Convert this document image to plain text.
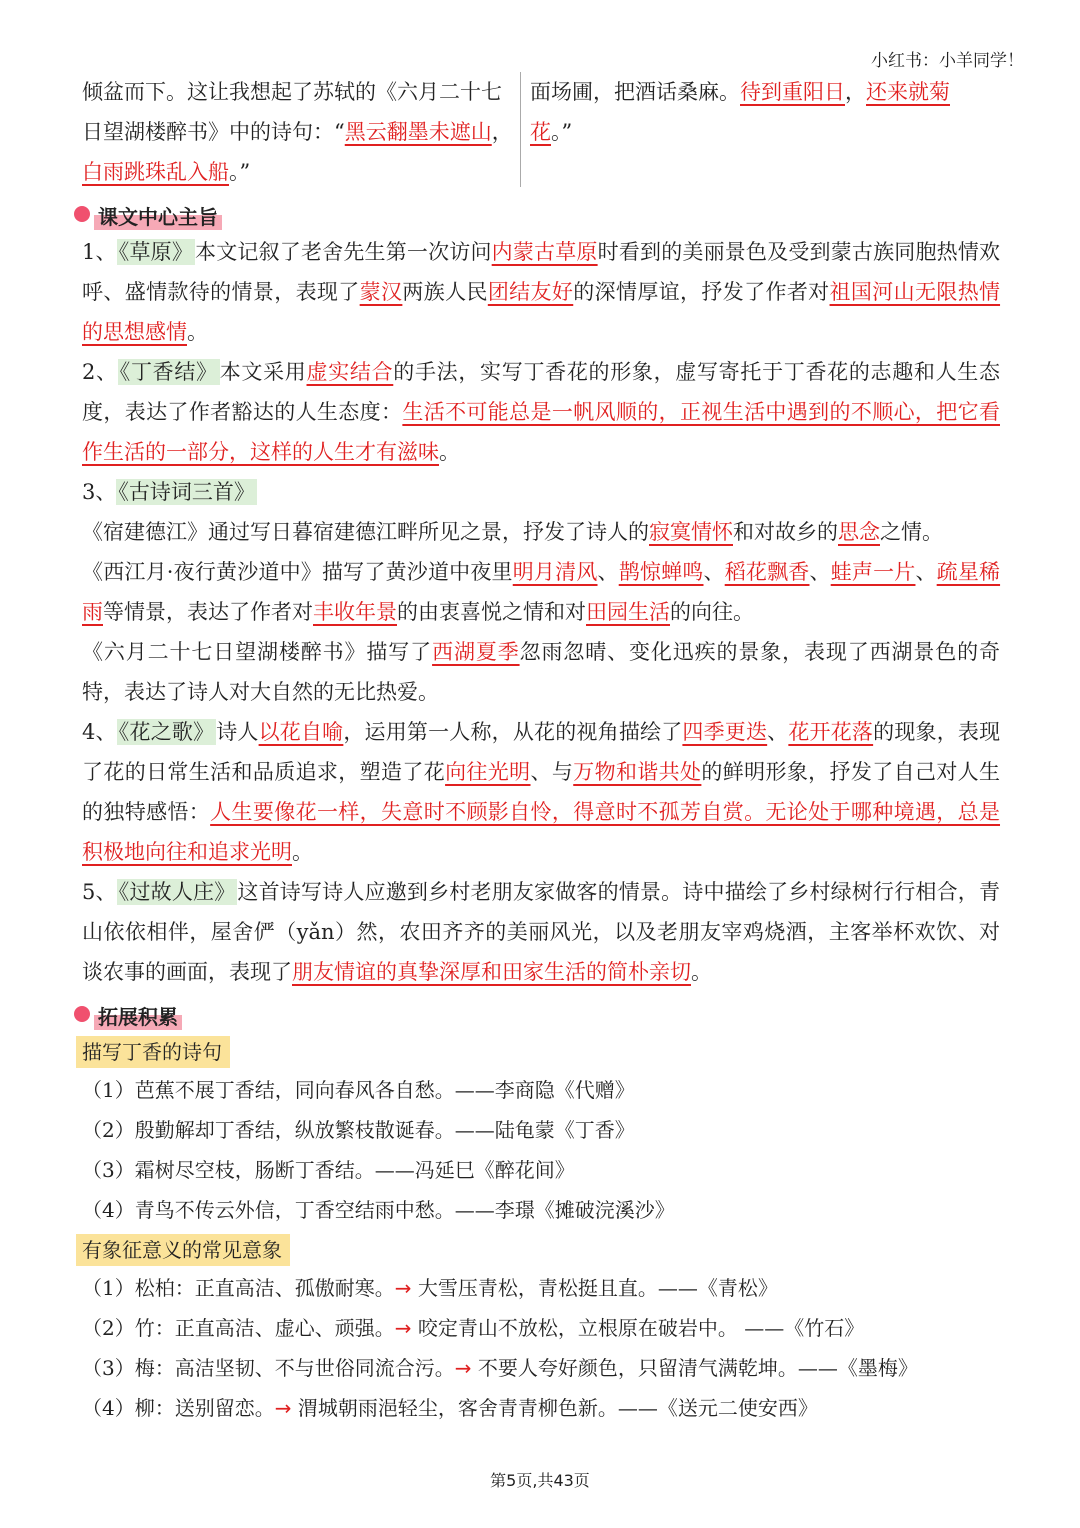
小红书：小羊同学！
倾盆而下。这让我想起了苏轼的《六月二十七
日望湖楼醉书》中的诗句：“黑云翻墨未遮山，
白雨跳珠乱入船。”
面场圃，把酒话桑麻。待到重阳日，还来就菊
花。”
课文中心主旨

1、《草原》本文记叙了老舍先生第一次访问内蒙古草原时看到的美丽景色及受到蒙古族同胞热情欢呼、盛情款待的情景，表现了蒙汉两族人民团结友好的深情厚谊，抒发了作者对祖国河山无限热情的思想感情。

2、《丁香结》本文采用虚实结合的手法，实写丁香花的形象，虚写寄托于丁香花的志趣和人生态度，表达了作者豁达的人生态度：生活不可能总是一帆风顺的，正视生活中遇到的不顺心，把它看作生活的一部分，这样的人生才有滋味。

3、《古诗词三首》

《宿建德江》通过写日暮宿建德江畔所见之景，抒发了诗人的寂寞情怀和对故乡的思念之情。

《西江月·夜行黄沙道中》描写了黄沙道中夜里明月清风、鹊惊蝉鸣、稻花飘香、蛙声一片、疏星稀雨等情景，表达了作者对丰收年景的由衷喜悦之情和对田园生活的向往。

《六月二十七日望湖楼醉书》描写了西湖夏季忽雨忽晴、变化迅疾的景象，表现了西湖景色的奇特，表达了诗人对大自然的无比热爱。

4、《花之歌》诗人以花自喻，运用第一人称，从花的视角描绘了四季更迭、花开花落的现象，表现了花的日常生活和品质追求，塑造了花向往光明、与万物和谐共处的鲜明形象，抒发了自己对人生的独特感悟：人生要像花一样，失意时不顾影自怜，得意时不孤芳自赏。无论处于哪种境遇，总是积极地向往和追求光明。

5、《过故人庄》这首诗写诗人应邀到乡村老朋友家做客的情景。诗中描绘了乡村绿树行行相合，青山依依相伴，屋舍俨（yǎn）然，农田齐齐的美丽风光，以及老朋友宰鸡烧酒，主客举杯欢饮、对谈农事的画面，表现了朋友情谊的真挚深厚和田家生活的简朴亲切。

拓展积累
描写丁香的诗句
（1）芭蕉不展丁香结，同向春风各自愁。——李商隐《代赠》
（2）殷勤解却丁香结，纵放繁枝散诞春。——陆龟蒙《丁香》
（3）霜树尽空枝，肠断丁香结。——冯延巳《醉花间》
（4）青鸟不传云外信，丁香空结雨中愁。——李璟《摊破浣溪沙》
有象征意义的常见意象
（1）松柏：正直高洁、孤傲耐寒。→ 大雪压青松，青松挺且直。——《青松》
（2）竹：正直高洁、虚心、顽强。→ 咬定青山不放松，立根原在破岩中。 ——《竹石》
（3）梅：高洁坚韧、不与世俗同流合污。→ 不要人夸好颜色，只留清气满乾坤。——《墨梅》
（4）柳：送别留恋。→ 渭城朝雨浥轻尘，客舍青青柳色新。——《送元二使安西》
第5页,共43页
